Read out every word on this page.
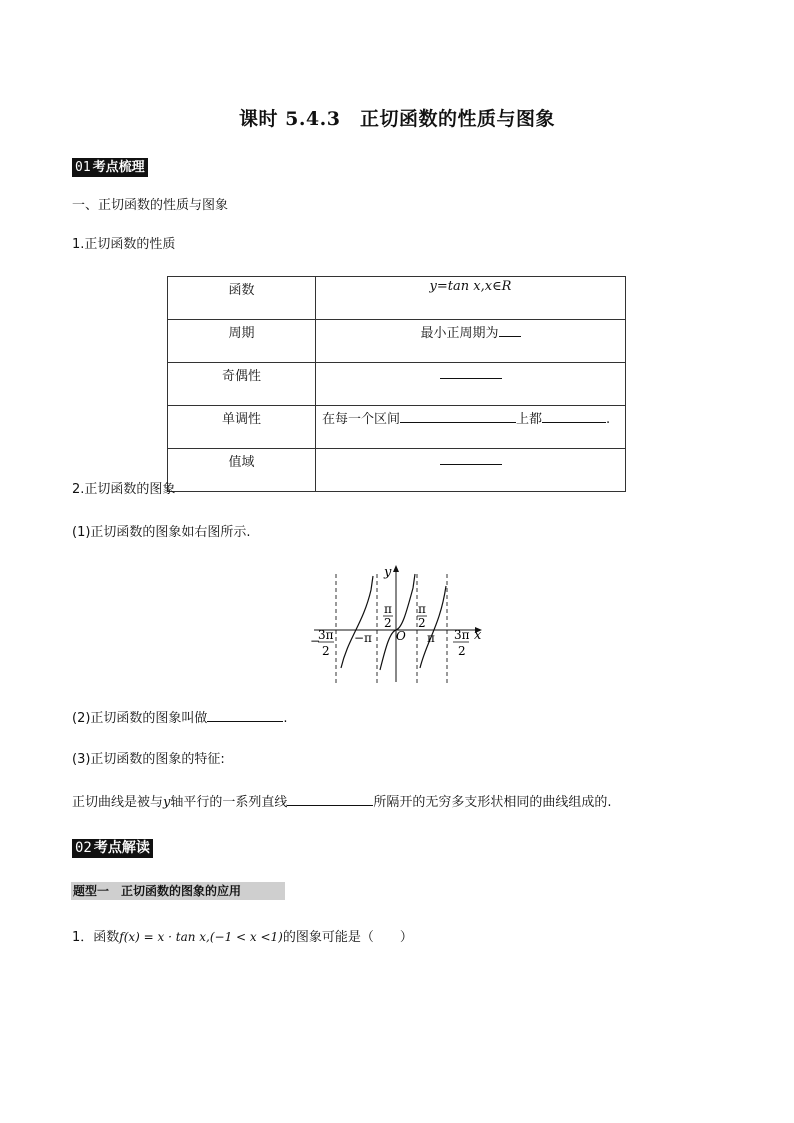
课时 5.4.3　正切函数的性质与图象
01 考点梳理
一、正切函数的性质与图象
1.正切函数的性质
函数	y=tan x,x∈R
周期	最小正周期为
奇偶性	
单调性	在每一个区间 上都 .
值域	
2.正切函数的图象
(1)正切函数的图象如右图所示.
y
x
O
−
3π
2
−π
π
2
π
2
π 3π
2
(2)正切函数的图象叫做	.
(3)正切函数的图象的特征:
正切曲线是被与y轴平行的一系列直线	所隔开的无穷多支形状相同的曲线组成的.
02 考点解读
题型一　正切函数的图象的应用
1．函数f(x) = x · tan x,(−1 < x <1)的图象可能是（　　）
